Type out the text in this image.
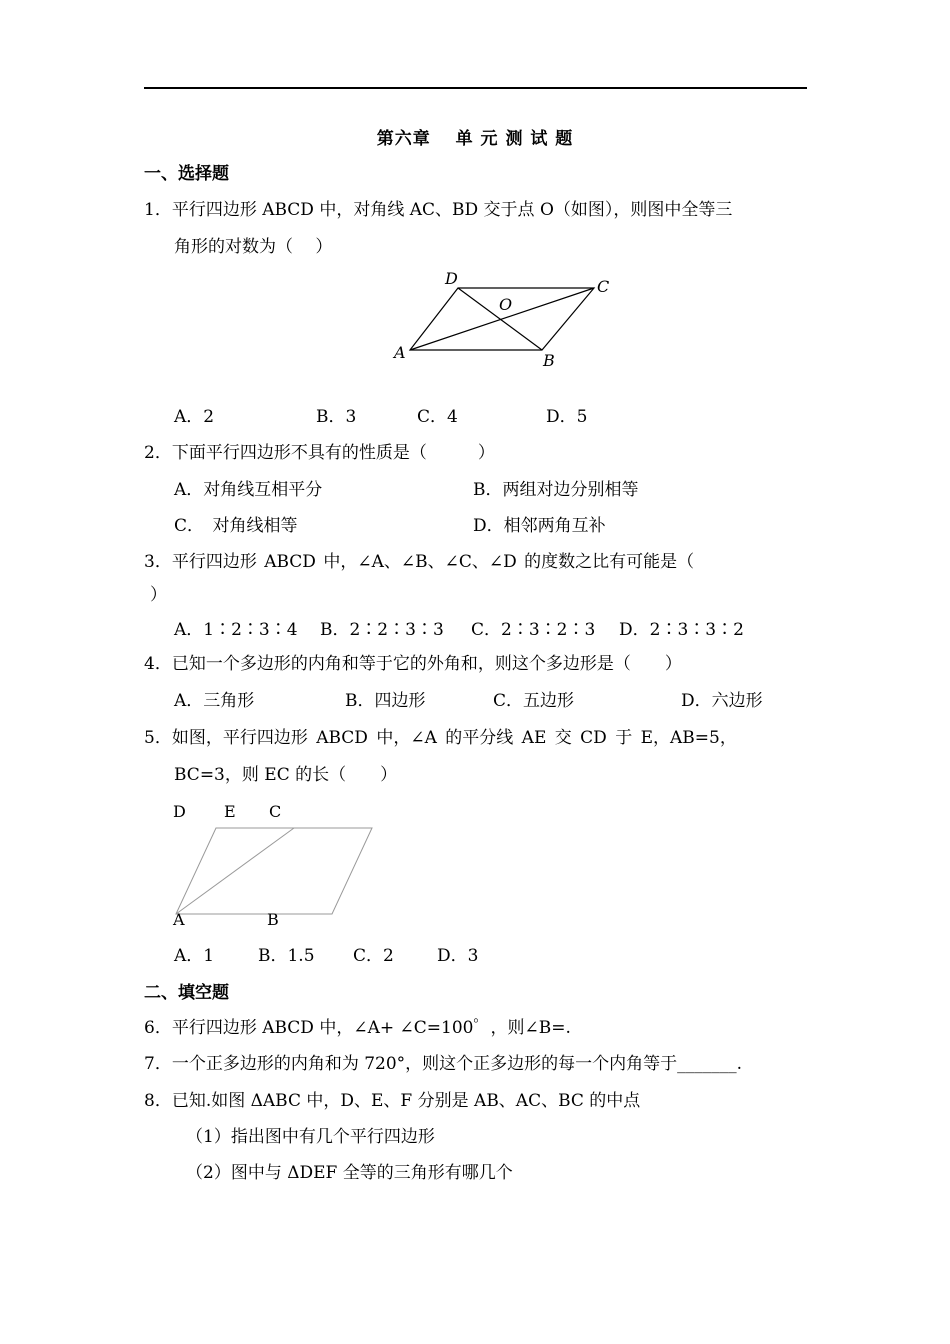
第六章　 单 元 测 试 题
一、选择题
1．平行四边形 ABCD 中，对角线 AC、BD 交于点 O（如图），则图中全等三
角形的对数为（　 ）
D
O
C
A	B
A．2	B．3	C．4	D．5
2．下面平行四边形不具有的性质是（　　　）
A．对角线互相平分	B．两组对边分别相等
C．　对角线相等	D．相邻两角互补
3．平行四边形 ABCD 中，∠A、∠B、∠C、∠D 的度数之比有可能是（
）
A．1∶2∶3∶4 B．2∶2∶3∶3 C．2∶3∶2∶3 D．2∶3∶3∶2
4．已知一个多边形的内角和等于它的外角和，则这个多边形是（　　）
A．三角形	B．四边形	C．五边形	D．六边形
5．如图，平行四边形 ABCD 中，∠A 的平分线 AE 交 CD 于 E，AB=5，
BC=3，则 EC 的长（　　）
D E C
A	B
A．1	B．1.5 C．2	D．3
二、填空题
6．平行四边形 ABCD 中，∠A+ ∠C=100゜，则∠B=.
7．一个正多边形的内角和为 720°，则这个正多边形的每一个内角等于_______.
8．已知.如图 ΔABC 中，D、E、F 分别是 AB、AC、BC 的中点
（1）指出图中有几个平行四边形
（2）图中与 ΔDEF 全等的三角形有哪几个
